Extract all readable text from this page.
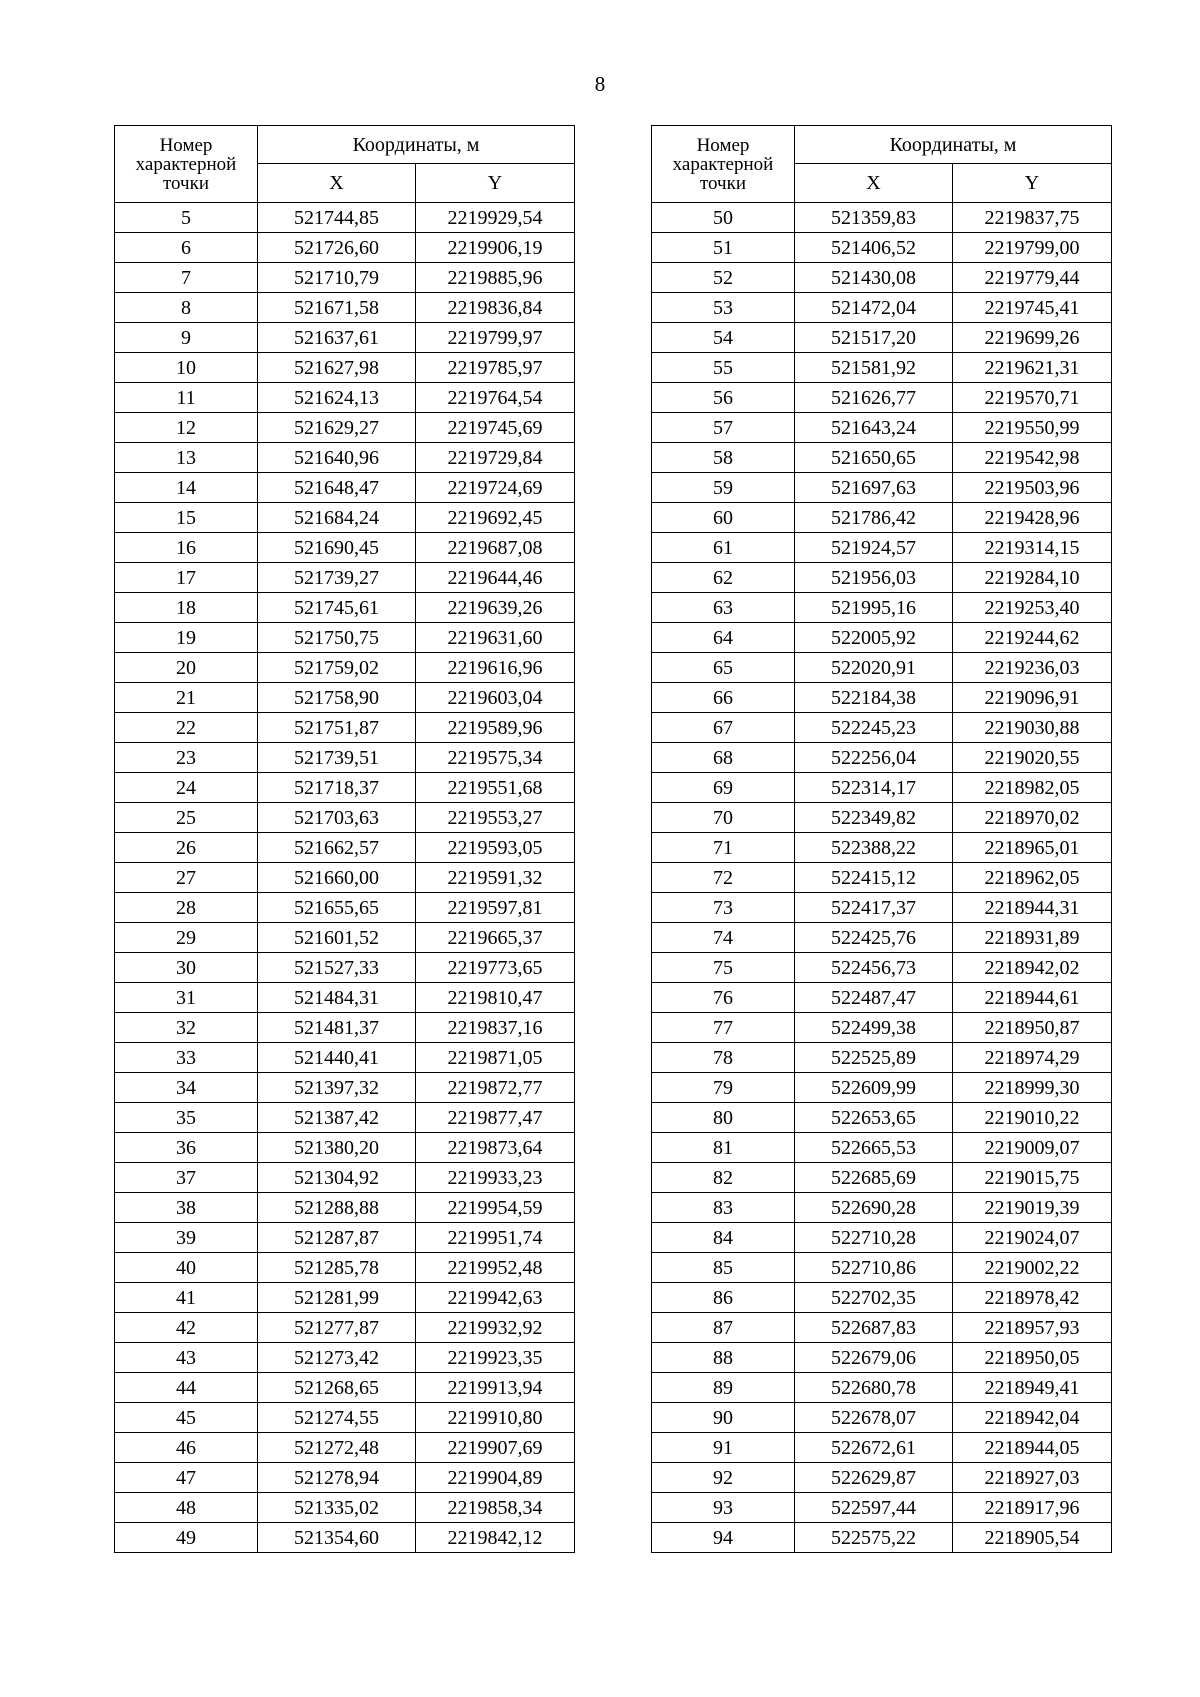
8
Номер
характерной
точки	Координаты, м	
	X	Y
5	521744,85	2219929,54
6	521726,60	2219906,19
7	521710,79	2219885,96
8	521671,58	2219836,84
9	521637,61	2219799,97
10	521627,98	2219785,97
11	521624,13	2219764,54
12	521629,27	2219745,69
13	521640,96	2219729,84
14	521648,47	2219724,69
15	521684,24	2219692,45
16	521690,45	2219687,08
17	521739,27	2219644,46
18	521745,61	2219639,26
19	521750,75	2219631,60
20	521759,02	2219616,96
21	521758,90	2219603,04
22	521751,87	2219589,96
23	521739,51	2219575,34
24	521718,37	2219551,68
25	521703,63	2219553,27
26	521662,57	2219593,05
27	521660,00	2219591,32
28	521655,65	2219597,81
29	521601,52	2219665,37
30	521527,33	2219773,65
31	521484,31	2219810,47
32	521481,37	2219837,16
33	521440,41	2219871,05
34	521397,32	2219872,77
35	521387,42	2219877,47
36	521380,20	2219873,64
37	521304,92	2219933,23
38	521288,88	2219954,59
39	521287,87	2219951,74
40	521285,78	2219952,48
41	521281,99	2219942,63
42	521277,87	2219932,92
43	521273,42	2219923,35
44	521268,65	2219913,94
45	521274,55	2219910,80
46	521272,48	2219907,69
47	521278,94	2219904,89
48	521335,02	2219858,34
49	521354,60	2219842,12
Номер
характерной
точки	Координаты, м	
	X	Y
50	521359,83	2219837,75
51	521406,52	2219799,00
52	521430,08	2219779,44
53	521472,04	2219745,41
54	521517,20	2219699,26
55	521581,92	2219621,31
56	521626,77	2219570,71
57	521643,24	2219550,99
58	521650,65	2219542,98
59	521697,63	2219503,96
60	521786,42	2219428,96
61	521924,57	2219314,15
62	521956,03	2219284,10
63	521995,16	2219253,40
64	522005,92	2219244,62
65	522020,91	2219236,03
66	522184,38	2219096,91
67	522245,23	2219030,88
68	522256,04	2219020,55
69	522314,17	2218982,05
70	522349,82	2218970,02
71	522388,22	2218965,01
72	522415,12	2218962,05
73	522417,37	2218944,31
74	522425,76	2218931,89
75	522456,73	2218942,02
76	522487,47	2218944,61
77	522499,38	2218950,87
78	522525,89	2218974,29
79	522609,99	2218999,30
80	522653,65	2219010,22
81	522665,53	2219009,07
82	522685,69	2219015,75
83	522690,28	2219019,39
84	522710,28	2219024,07
85	522710,86	2219002,22
86	522702,35	2218978,42
87	522687,83	2218957,93
88	522679,06	2218950,05
89	522680,78	2218949,41
90	522678,07	2218942,04
91	522672,61	2218944,05
92	522629,87	2218927,03
93	522597,44	2218917,96
94	522575,22	2218905,54
